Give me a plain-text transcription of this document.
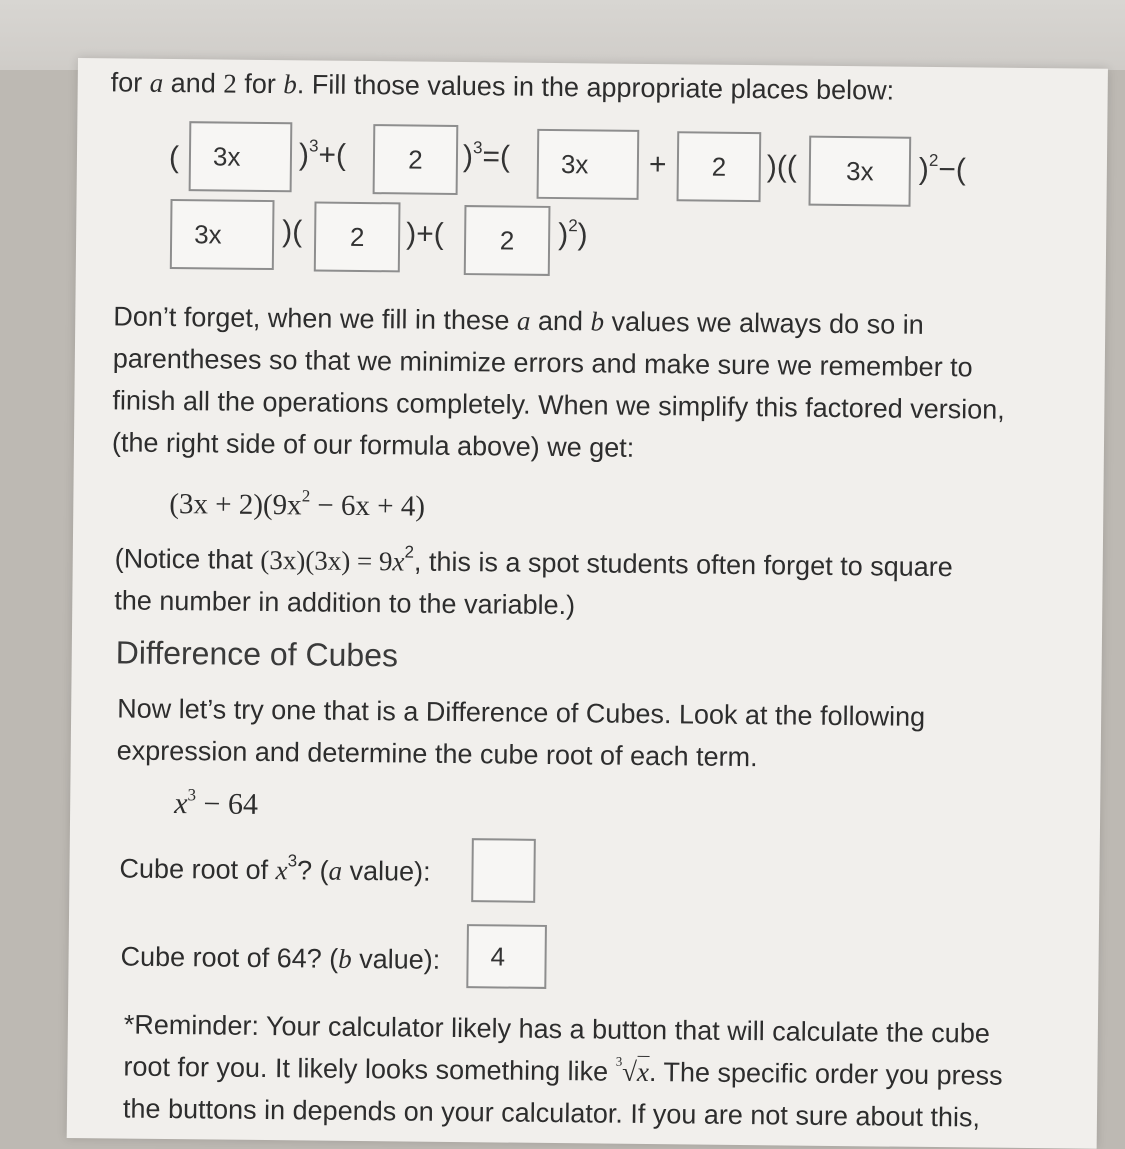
for a and 2 for b. Fill those values in the appropriate places below:
(	3x	)$^3$+(	2	)$^3$=(	3x	+	2	)((	3x	)$^2$−(
3x	)(	2	)+(	2	)$^2$)
Don’t forget, when we fill in these a and b values we always do so in
parentheses so that we minimize errors and make sure we remember to
finish all the operations completely. When we simplify this factored version,
(the right side of our formula above) we get:
$(3x + 2)(9x^2 - 6x + 4)$
(Notice that $(3x)(3x) = 9x^2$, this is a spot students often forget to square
the number in addition to the variable.)
Difference of Cubes
Now let’s try one that is a Difference of Cubes. Look at the following
expression and determine the cube root of each term.
$x^3 - 64$
Cube root of $x^3$? (a value):
Cube root of 64? (b value):	4
*Reminder: Your calculator likely has a button that will calculate the cube
root for you. It likely looks something like $^3$√x. The specific order you press
the buttons in depends on your calculator. If you are not sure about this,
